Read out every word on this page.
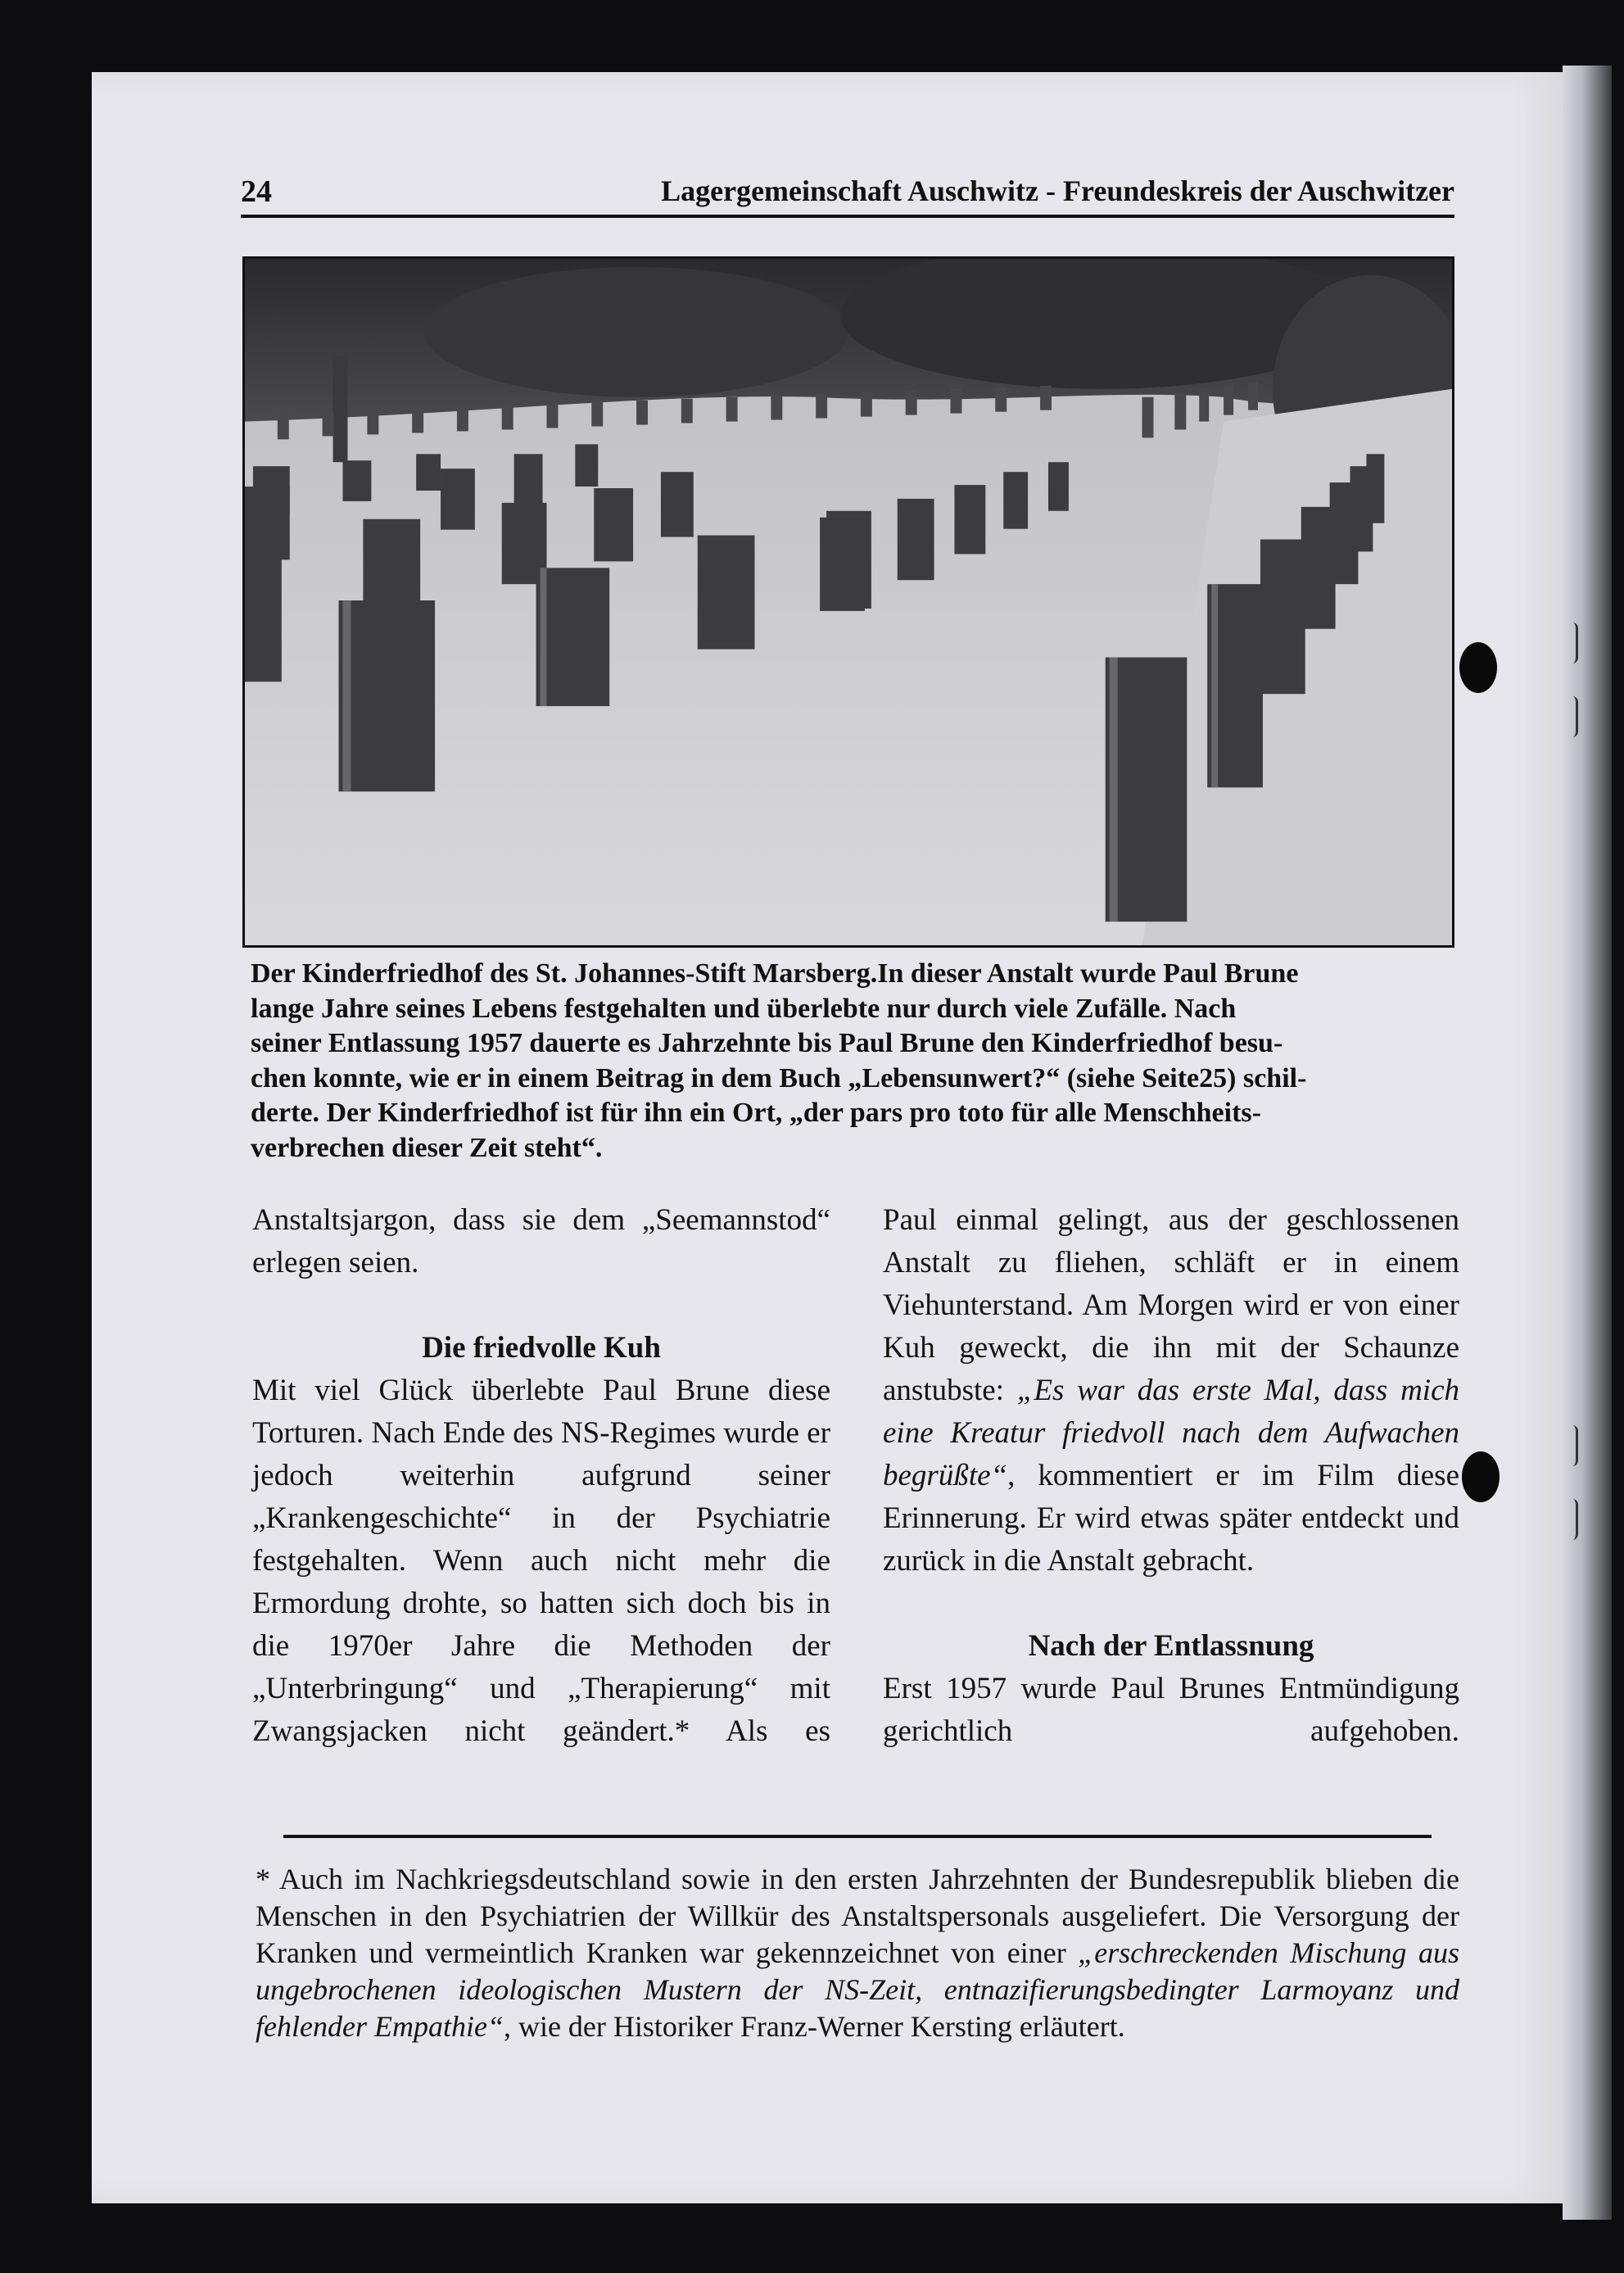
24	Lagergemeinschaft Auschwitz - Freundeskreis der Auschwitzer
Der Kinderfriedhof des St. Johannes-Stift Marsberg.In dieser Anstalt wurde Paul Brune
lange Jahre seines Lebens festgehalten und überlebte nur durch viele Zufälle. Nach
seiner Entlassung 1957 dauerte es Jahrzehnte bis Paul Brune den Kinderfriedhof besu-
chen konnte, wie er in einem Beitrag in dem Buch „Lebensunwert?“ (siehe Seite25) schil-
derte. Der Kinderfriedhof ist für ihn ein Ort, „der pars pro toto für alle Menschheits-
verbrechen dieser Zeit steht“.

Anstaltsjargon, dass sie dem „Seemannstod“ erlegen seien.

Die friedvolle Kuh

Mit viel Glück überlebte Paul Brune diese Torturen. Nach Ende des NS-Regimes wurde er jedoch weiterhin aufgrund seiner „Krankengeschichte“ in der Psychiatrie festgehalten. Wenn auch nicht mehr die Ermordung drohte, so hatten sich doch bis in die 1970er Jahre die Methoden der „Unterbringung“ und „Therapierung“ mit Zwangsjacken nicht geändert.* Als es

Paul einmal gelingt, aus der geschlossenen Anstalt zu fliehen, schläft er in einem Viehunterstand. Am Morgen wird er von einer Kuh geweckt, die ihn mit der Schaunze anstubste: „Es war das erste Mal, dass mich eine Kreatur friedvoll nach dem Aufwachen begrüßte“, kommentiert er im Film diese Erinnerung. Er wird etwas später entdeckt und zurück in die Anstalt gebracht.

Nach der Entlassnung

Erst 1957 wurde Paul Brunes Entmündigung gerichtlich aufgehoben.

* Auch im Nachkriegsdeutschland sowie in den ersten Jahrzehnten der Bundesrepublik blieben die Menschen in den Psychiatrien der Willkür des Anstaltspersonals ausgeliefert. Die Versorgung der Kranken und vermeintlich Kranken war gekennzeichnet von einer „erschreckenden Mischung aus ungebrochenen ideologischen Mustern der NS-Zeit, entnazifierungsbedingter Larmoyanz und fehlender Empathie“, wie der Historiker Franz-Werner Kersting erläutert.
